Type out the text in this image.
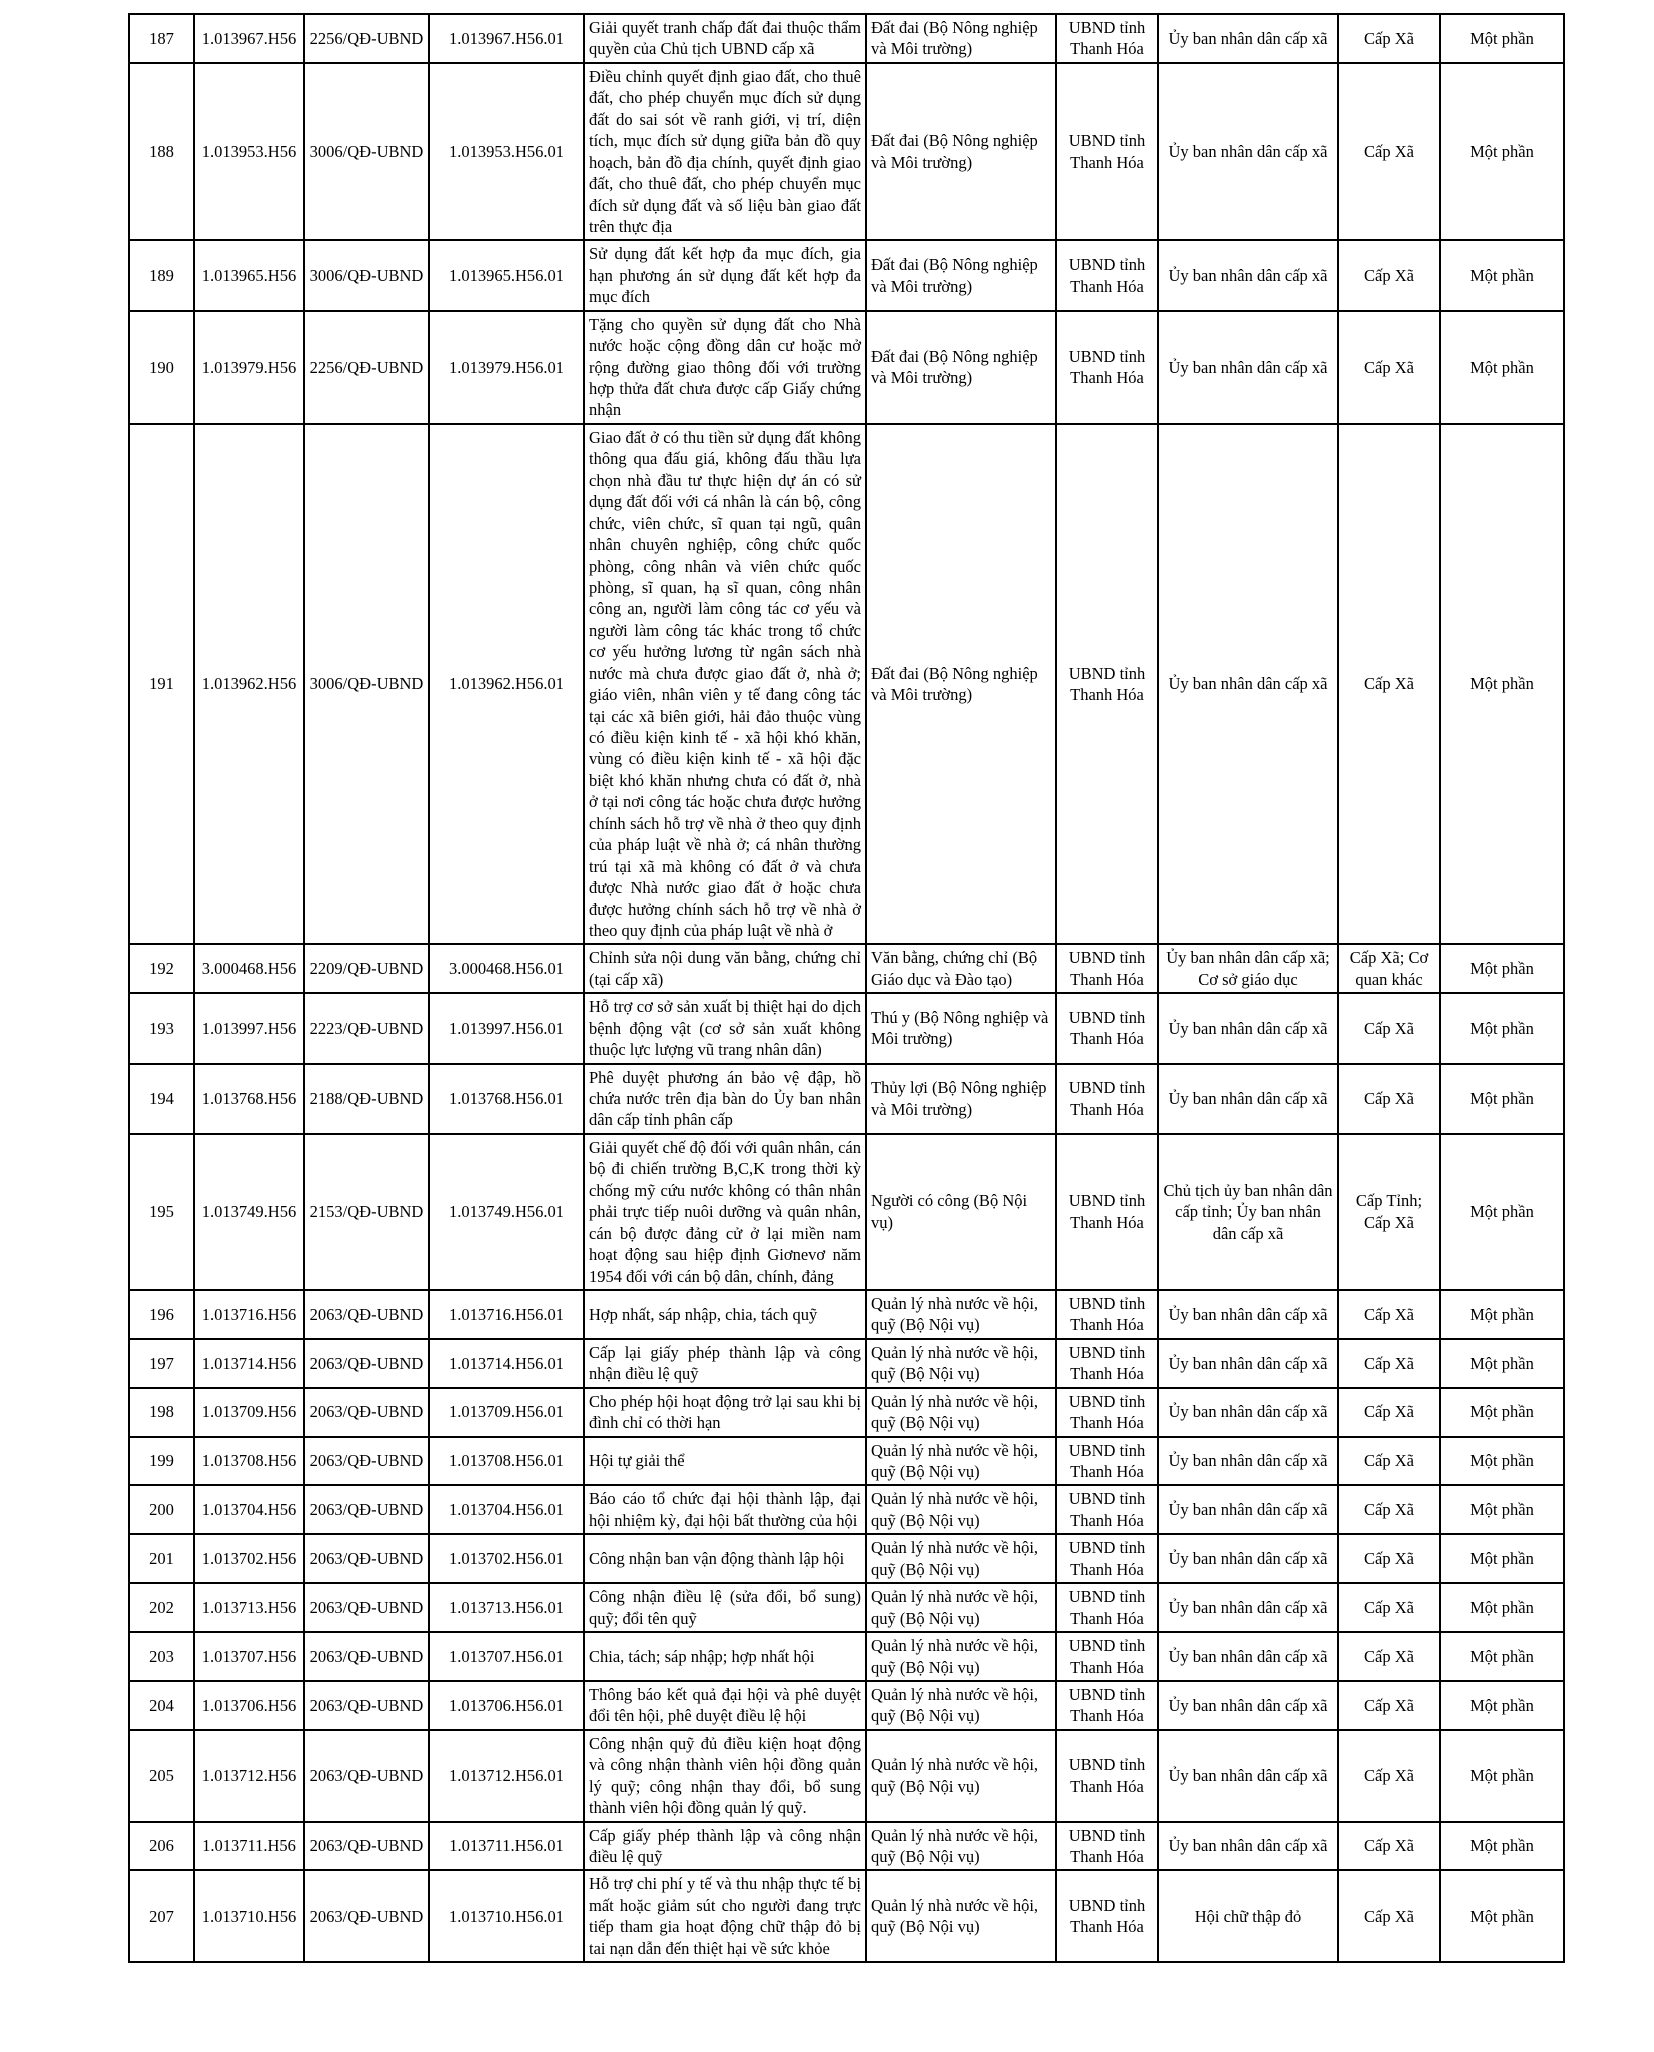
187	1.013967.H56	2256/QĐ-UBND	1.013967.H56.01	Giải quyết tranh chấp đất đai thuộc thẩm quyền của Chủ tịch UBND cấp xã	Đất đai (Bộ Nông nghiệp và Môi trường)	UBND tỉnh Thanh Hóa	Ủy ban nhân dân cấp xã	Cấp Xã	Một phần
188	1.013953.H56	3006/QĐ-UBND	1.013953.H56.01	Điều chỉnh quyết định giao đất, cho thuê đất, cho phép chuyển mục đích sử dụng đất do sai sót về ranh giới, vị trí, diện tích, mục đích sử dụng giữa bản đồ quy hoạch, bản đồ địa chính, quyết định giao đất, cho thuê đất, cho phép chuyển mục đích sử dụng đất và số liệu bàn giao đất trên thực địa	Đất đai (Bộ Nông nghiệp và Môi trường)	UBND tỉnh Thanh Hóa	Ủy ban nhân dân cấp xã	Cấp Xã	Một phần
189	1.013965.H56	3006/QĐ-UBND	1.013965.H56.01	Sử dụng đất kết hợp đa mục đích, gia hạn phương án sử dụng đất kết hợp đa mục đích	Đất đai (Bộ Nông nghiệp và Môi trường)	UBND tỉnh Thanh Hóa	Ủy ban nhân dân cấp xã	Cấp Xã	Một phần
190	1.013979.H56	2256/QĐ-UBND	1.013979.H56.01	Tặng cho quyền sử dụng đất cho Nhà nước hoặc cộng đồng dân cư hoặc mở rộng đường giao thông đối với trường hợp thửa đất chưa được cấp Giấy chứng nhận	Đất đai (Bộ Nông nghiệp và Môi trường)	UBND tỉnh Thanh Hóa	Ủy ban nhân dân cấp xã	Cấp Xã	Một phần
191	1.013962.H56	3006/QĐ-UBND	1.013962.H56.01	Giao đất ở có thu tiền sử dụng đất không thông qua đấu giá, không đấu thầu lựa chọn nhà đầu tư thực hiện dự án có sử dụng đất đối với cá nhân là cán bộ, công chức, viên chức, sĩ quan tại ngũ, quân nhân chuyên nghiệp, công chức quốc phòng, công nhân và viên chức quốc phòng, sĩ quan, hạ sĩ quan, công nhân công an, người làm công tác cơ yếu và người làm công tác khác trong tổ chức cơ yếu hưởng lương từ ngân sách nhà nước mà chưa được giao đất ở, nhà ở; giáo viên, nhân viên y tế đang công tác tại các xã biên giới, hải đảo thuộc vùng có điều kiện kinh tế - xã hội khó khăn, vùng có điều kiện kinh tế - xã hội đặc biệt khó khăn nhưng chưa có đất ở, nhà ở tại nơi công tác hoặc chưa được hưởng chính sách hỗ trợ về nhà ở theo quy định của pháp luật về nhà ở; cá nhân thường trú tại xã mà không có đất ở và chưa được Nhà nước giao đất ở hoặc chưa được hưởng chính sách hỗ trợ về nhà ở theo quy định của pháp luật về nhà ở	Đất đai (Bộ Nông nghiệp và Môi trường)	UBND tỉnh Thanh Hóa	Ủy ban nhân dân cấp xã	Cấp Xã	Một phần
192	3.000468.H56	2209/QĐ-UBND	3.000468.H56.01	Chỉnh sửa nội dung văn bằng, chứng chỉ (tại cấp xã)	Văn bằng, chứng chỉ (Bộ Giáo dục và Đào tạo)	UBND tỉnh Thanh Hóa	Ủy ban nhân dân cấp xã; Cơ sở giáo dục	Cấp Xã; Cơ quan khác	Một phần
193	1.013997.H56	2223/QĐ-UBND	1.013997.H56.01	Hỗ trợ cơ sở sản xuất bị thiệt hại do dịch bệnh động vật (cơ sở sản xuất không thuộc lực lượng vũ trang nhân dân)	Thú y (Bộ Nông nghiệp và Môi trường)	UBND tỉnh Thanh Hóa	Ủy ban nhân dân cấp xã	Cấp Xã	Một phần
194	1.013768.H56	2188/QĐ-UBND	1.013768.H56.01	Phê duyệt phương án bảo vệ đập, hồ chứa nước trên địa bàn do Ủy ban nhân dân cấp tỉnh phân cấp	Thủy lợi (Bộ Nông nghiệp và Môi trường)	UBND tỉnh Thanh Hóa	Ủy ban nhân dân cấp xã	Cấp Xã	Một phần
195	1.013749.H56	2153/QĐ-UBND	1.013749.H56.01	Giải quyết chế độ đối với quân nhân, cán bộ đi chiến trường B,C,K trong thời kỳ chống mỹ cứu nước không có thân nhân phải trực tiếp nuôi dưỡng và quân nhân, cán bộ được đảng cử ở lại miền nam hoạt động sau hiệp định Giơnevơ năm 1954 đối với cán bộ dân, chính, đảng	Người có công (Bộ Nội vụ)	UBND tỉnh Thanh Hóa	Chủ tịch ủy ban nhân dân cấp tỉnh; Ủy ban nhân dân cấp xã	Cấp Tỉnh; Cấp Xã	Một phần
196	1.013716.H56	2063/QĐ-UBND	1.013716.H56.01	Hợp nhất, sáp nhập, chia, tách quỹ	Quản lý nhà nước về hội, quỹ (Bộ Nội vụ)	UBND tỉnh Thanh Hóa	Ủy ban nhân dân cấp xã	Cấp Xã	Một phần
197	1.013714.H56	2063/QĐ-UBND	1.013714.H56.01	Cấp lại giấy phép thành lập và công nhận điều lệ quỹ	Quản lý nhà nước về hội, quỹ (Bộ Nội vụ)	UBND tỉnh Thanh Hóa	Ủy ban nhân dân cấp xã	Cấp Xã	Một phần
198	1.013709.H56	2063/QĐ-UBND	1.013709.H56.01	Cho phép hội hoạt động trở lại sau khi bị đình chỉ có thời hạn	Quản lý nhà nước về hội, quỹ (Bộ Nội vụ)	UBND tỉnh Thanh Hóa	Ủy ban nhân dân cấp xã	Cấp Xã	Một phần
199	1.013708.H56	2063/QĐ-UBND	1.013708.H56.01	Hội tự giải thể	Quản lý nhà nước về hội, quỹ (Bộ Nội vụ)	UBND tỉnh Thanh Hóa	Ủy ban nhân dân cấp xã	Cấp Xã	Một phần
200	1.013704.H56	2063/QĐ-UBND	1.013704.H56.01	Báo cáo tổ chức đại hội thành lập, đại hội nhiệm kỳ, đại hội bất thường của hội	Quản lý nhà nước về hội, quỹ (Bộ Nội vụ)	UBND tỉnh Thanh Hóa	Ủy ban nhân dân cấp xã	Cấp Xã	Một phần
201	1.013702.H56	2063/QĐ-UBND	1.013702.H56.01	Công nhận ban vận động thành lập hội	Quản lý nhà nước về hội, quỹ (Bộ Nội vụ)	UBND tỉnh Thanh Hóa	Ủy ban nhân dân cấp xã	Cấp Xã	Một phần
202	1.013713.H56	2063/QĐ-UBND	1.013713.H56.01	Công nhận điều lệ (sửa đổi, bổ sung) quỹ; đổi tên quỹ	Quản lý nhà nước về hội, quỹ (Bộ Nội vụ)	UBND tỉnh Thanh Hóa	Ủy ban nhân dân cấp xã	Cấp Xã	Một phần
203	1.013707.H56	2063/QĐ-UBND	1.013707.H56.01	Chia, tách; sáp nhập; hợp nhất hội	Quản lý nhà nước về hội, quỹ (Bộ Nội vụ)	UBND tỉnh Thanh Hóa	Ủy ban nhân dân cấp xã	Cấp Xã	Một phần
204	1.013706.H56	2063/QĐ-UBND	1.013706.H56.01	Thông báo kết quả đại hội và phê duyệt đổi tên hội, phê duyệt điều lệ hội	Quản lý nhà nước về hội, quỹ (Bộ Nội vụ)	UBND tỉnh Thanh Hóa	Ủy ban nhân dân cấp xã	Cấp Xã	Một phần
205	1.013712.H56	2063/QĐ-UBND	1.013712.H56.01	Công nhận quỹ đủ điều kiện hoạt động và công nhận thành viên hội đồng quản lý quỹ; công nhận thay đổi, bổ sung thành viên hội đồng quản lý quỹ.	Quản lý nhà nước về hội, quỹ (Bộ Nội vụ)	UBND tỉnh Thanh Hóa	Ủy ban nhân dân cấp xã	Cấp Xã	Một phần
206	1.013711.H56	2063/QĐ-UBND	1.013711.H56.01	Cấp giấy phép thành lập và công nhận điều lệ quỹ	Quản lý nhà nước về hội, quỹ (Bộ Nội vụ)	UBND tỉnh Thanh Hóa	Ủy ban nhân dân cấp xã	Cấp Xã	Một phần
207	1.013710.H56	2063/QĐ-UBND	1.013710.H56.01	Hỗ trợ chi phí y tế và thu nhập thực tế bị mất hoặc giảm sút cho người đang trực tiếp tham gia hoạt động chữ thập đỏ bị tai nạn dẫn đến thiệt hại về sức khỏe	Quản lý nhà nước về hội, quỹ (Bộ Nội vụ)	UBND tỉnh Thanh Hóa	Hội chữ thập đỏ	Cấp Xã	Một phần
